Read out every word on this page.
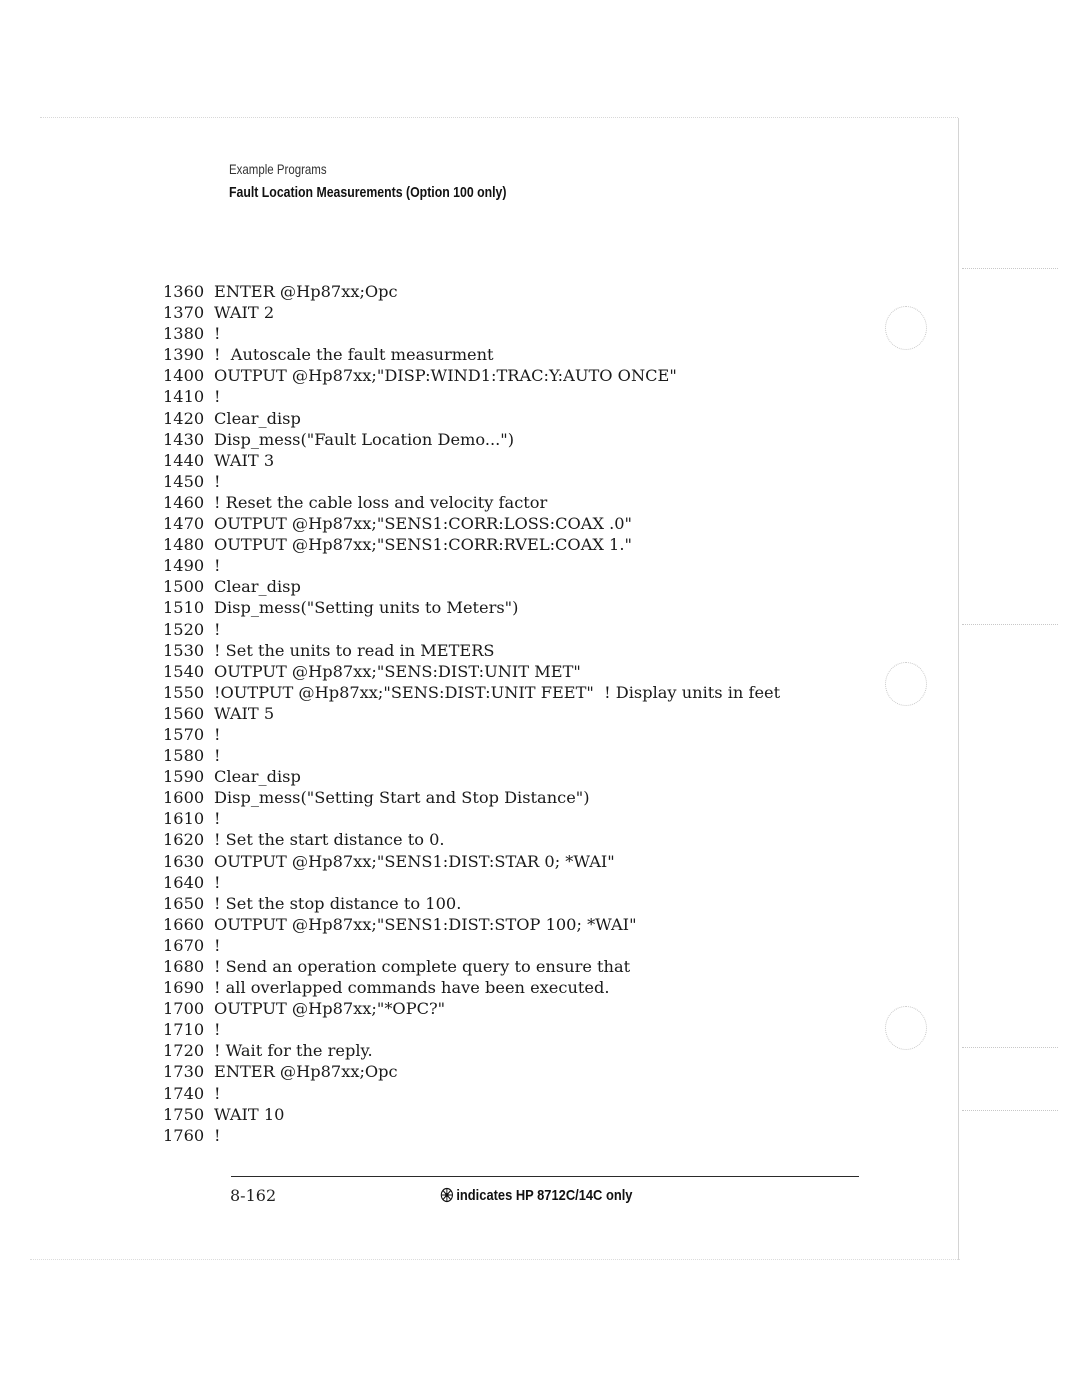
Example Programs
Fault Location Measurements (Option 100 only)
1360 ENTER @Hp87xx;Opc
1370 WAIT 2
1380 !
1390 !  Autoscale the fault measurment
1400 OUTPUT @Hp87xx;"DISP:WIND1:TRAC:Y:AUTO ONCE"
1410 !
1420 Clear_disp
1430 Disp_mess("Fault Location Demo...")
1440 WAIT 3
1450 !
1460 ! Reset the cable loss and velocity factor
1470 OUTPUT @Hp87xx;"SENS1:CORR:LOSS:COAX .0"
1480 OUTPUT @Hp87xx;"SENS1:CORR:RVEL:COAX 1."
1490 !
1500 Clear_disp
1510 Disp_mess("Setting units to Meters")
1520 !
1530 ! Set the units to read in METERS
1540 OUTPUT @Hp87xx;"SENS:DIST:UNIT MET"
1550 !OUTPUT @Hp87xx;"SENS:DIST:UNIT FEET"  ! Display units in feet
1560 WAIT 5
1570 !
1580 !
1590 Clear_disp
1600 Disp_mess("Setting Start and Stop Distance")
1610 !
1620 ! Set the start distance to 0.
1630 OUTPUT @Hp87xx;"SENS1:DIST:STAR 0; *WAI"
1640 !
1650 ! Set the stop distance to 100.
1660 OUTPUT @Hp87xx;"SENS1:DIST:STOP 100; *WAI"
1670 !
1680 ! Send an operation complete query to ensure that
1690 ! all overlapped commands have been executed.
1700 OUTPUT @Hp87xx;"*OPC?"
1710 !
1720 ! Wait for the reply.
1730 ENTER @Hp87xx;Opc
1740 !
1750 WAIT 10
1760 !
8-162	indicates HP 8712C/14C only
